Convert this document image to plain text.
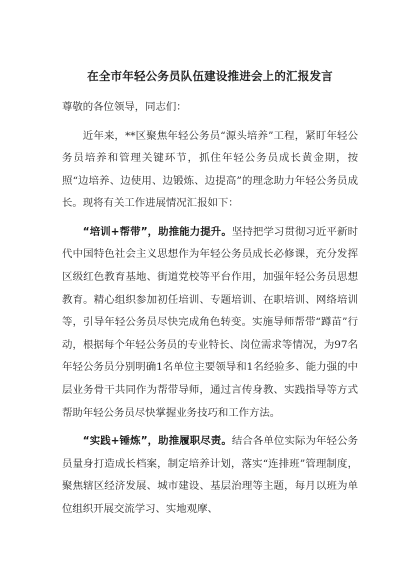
在全市年轻公务员队伍建设推进会上的汇报发言
尊敬的各位领导，同志们：
近年来，**区聚焦年轻公务员“源头培养”工程，紧盯年轻公务员培养和管理关键环节，抓住年轻公务员成长黄金期，按照“边培养、边使用、边锻炼、边提高”的理念助力年轻公务员成长。现将有关工作进展情况汇报如下：
“培训+帮带”，助推能力提升。坚持把学习贯彻习近平新时代中国特色社会主义思想作为年轻公务员成长必修课，充分发挥区级红色教育基地、街道党校等平台作用，加强年轻公务员思想教育。精心组织参加初任培训、专题培训、在职培训、网络培训等，引导年轻公务员尽快完成角色转变。实施导师帮带“蹲苗”行动，根据每个年轻公务员的专业特长、岗位需求等情况，为97名年轻公务员分别明确1名单位主要领导和1名经验多、能力强的中层业务骨干共同作为帮带导师，通过言传身教、实践指导等方式帮助年轻公务员尽快掌握业务技巧和工作方法。
“实践+锤炼”，助推履职尽责。结合各单位实际为年轻公务员量身打造成长档案，制定培养计划，落实“连排班”管理制度，聚焦辖区经济发展、城市建设、基层治理等主题，每月以班为单位组织开展交流学习、实地观摩、
